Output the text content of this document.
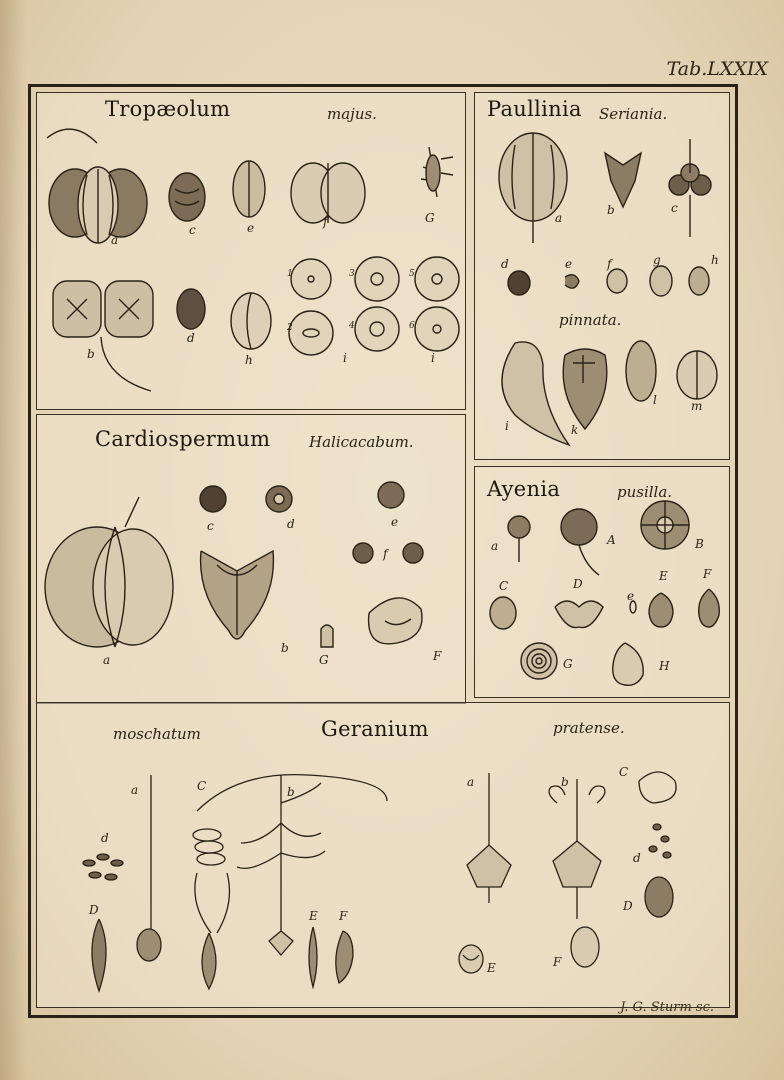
Tab.LXXIX
Tropæolum	majus.
a
c	e	f	G
b
d
h	i	i
1
2
3
4
5
6
Paullinia Seriania.
pinnata.
a
b	c
d	e	f	g	h
i	k
l	m
Cardiospermum	Halicacabum.
a
b
c	d	e
f
G	F
Ayenia	pusilla.
a	A	B
C	D
e
E	F
G	H
moschatum	Geranium	pratense.
a	C	b
d
D	E F
a	b
C
d
D
E	F
J. G. Sturm sc.
